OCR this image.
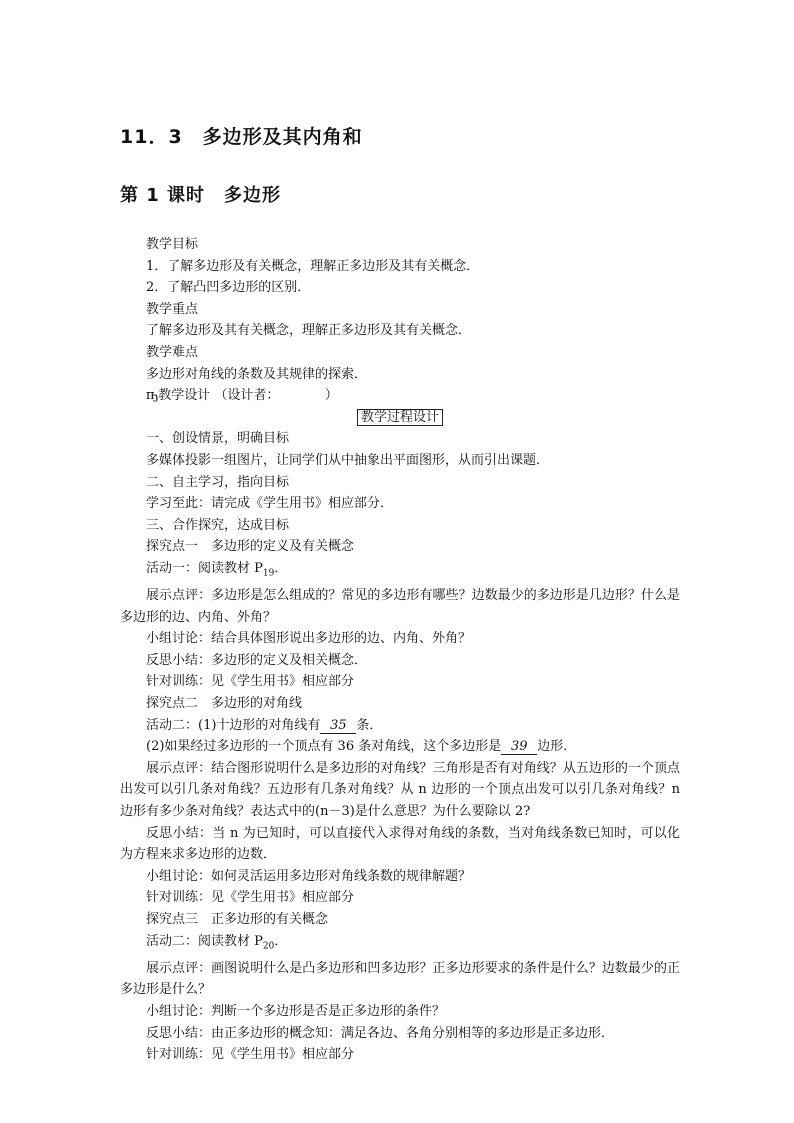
11．3　多边形及其内角和
第 1 课时　多边形
教学目标
1．了解多边形及有关概念，理解正多边形及其有关概念．
2．了解凸凹多边形的区别．
教学重点
了解多边形及其有关概念，理解正多边形及其有关概念．
教学难点
多边形对角线的条数及其规律的探索．
ҧ教学设计 （设计者：　　　　）
教学过程设计
一、创设情景，明确目标
多媒体投影一组图片，让同学们从中抽象出平面图形，从而引出课题．
二、自主学习，指向目标
学习至此：请完成《学生用书》相应部分．
三、合作探究，达成目标
探究点一　多边形的定义及有关概念
活动一：阅读教材 $P_{19}$．
展示点评：多边形是怎么组成的？常见的多边形有哪些？边数最少的多边形是几边形？什么是多边形的边、内角、外角？
小组讨论：结合具体图形说出多边形的边、内角、外角？
反思小结：多边形的定义及相关概念．
针对训练：见《学生用书》相应部分
探究点二　多边形的对角线
活动二：(1)十边形的对角线有 35 条．
(2)如果经过多边形的一个顶点有 36 条对角线，这个多边形是 39 边形．
展示点评：结合图形说明什么是多边形的对角线？三角形是否有对角线？从五边形的一个顶点出发可以引几条对角线？五边形有几条对角线？从 n 边形的一个顶点出发可以引几条对角线？n 边形有多少条对角线？表达式中的(n－3)是什么意思？为什么要除以 2?
反思小结：当 n 为已知时，可以直接代入求得对角线的条数，当对角线条数已知时，可以化为方程来求多边形的边数．
小组讨论：如何灵活运用多边形对角线条数的规律解题？
针对训练：见《学生用书》相应部分
探究点三　正多边形的有关概念
活动二：阅读教材 $P_{20}$．
展示点评：画图说明什么是凸多边形和凹多边形？正多边形要求的条件是什么？边数最少的正多边形是什么？
小组讨论：判断一个多边形是否是正多边形的条件？
反思小结：由正多边形的概念知：满足各边、各角分别相等的多边形是正多边形．
针对训练：见《学生用书》相应部分
